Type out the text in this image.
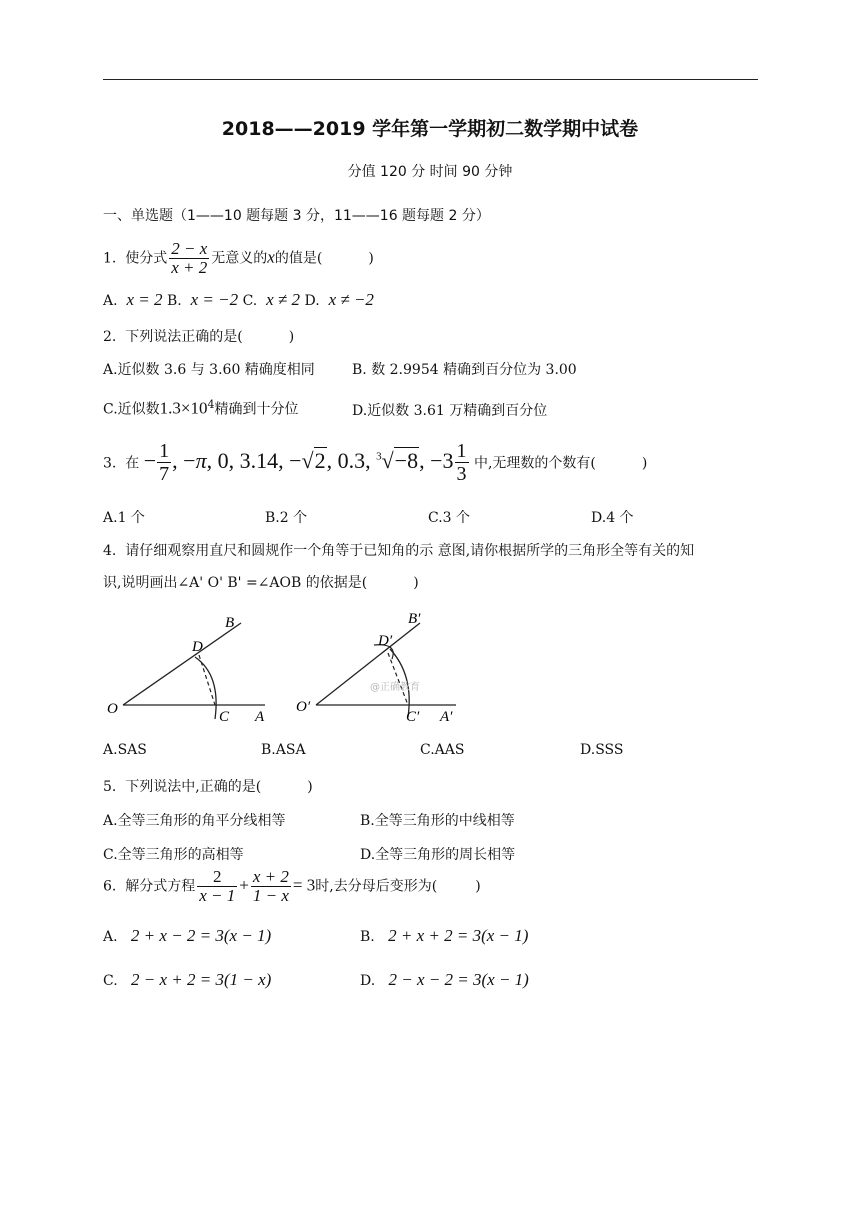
2018——2019 学年第一学期初二数学期中试卷
分值 120 分 时间 90 分钟
一、单选题（1——10 题每题 3 分，11——16 题每题 2 分）
1. 使分式 $\frac{2 - x}{x + 2}$ 无意义的x的值是(	)
A. x = 2 B. x = −2 C. x ≠ 2 D. x ≠ −2
2. 下列说法正确的是(	)
A.近似数 3.6 与 3.60 精确度相同	B. 数 2.9954 精确到百分位为 3.00
C.近似数$1.3\times 10^4$精确到十分位	D.近似数 3.61 万精确到百分位
3. 在 − $\frac{1}{7}$ , −π, 0, 3.14, −√2, 0.3, $^3$√−8, $-3 \frac{1}{3}$ 中,无理数的个数有(	)
A.1 个	B.2 个	C.3 个	D.4 个
4. 请仔细观察用直尺和圆规作一个角等于已知角的示 意图,请你根据所学的三角形全等有关的知
识,说明画出∠A' O' B' =∠AOB 的依据是(	)
O	A
B
C
D
O′
A′
B′
C′
D′
@正确教育
A.SAS	B.ASA	C.AAS	D.SSS
5. 下列说法中,正确的是(	)
A.全等三角形的角平分线相等	B.全等三角形的中线相等
C.全等三角形的高相等	D.全等三角形的周长相等
6. 解分式方程 $\frac{2}{x - 1} + \frac{x + 2}{1 - x} = 3$时,去分母后变形为(	)
A. 2 + x − 2 = 3(x − 1)	B. 2 + x + 2 = 3(x − 1)
C. 2 − x + 2 = 3(1 − x)	D. 2 − x − 2 = 3(x − 1)
